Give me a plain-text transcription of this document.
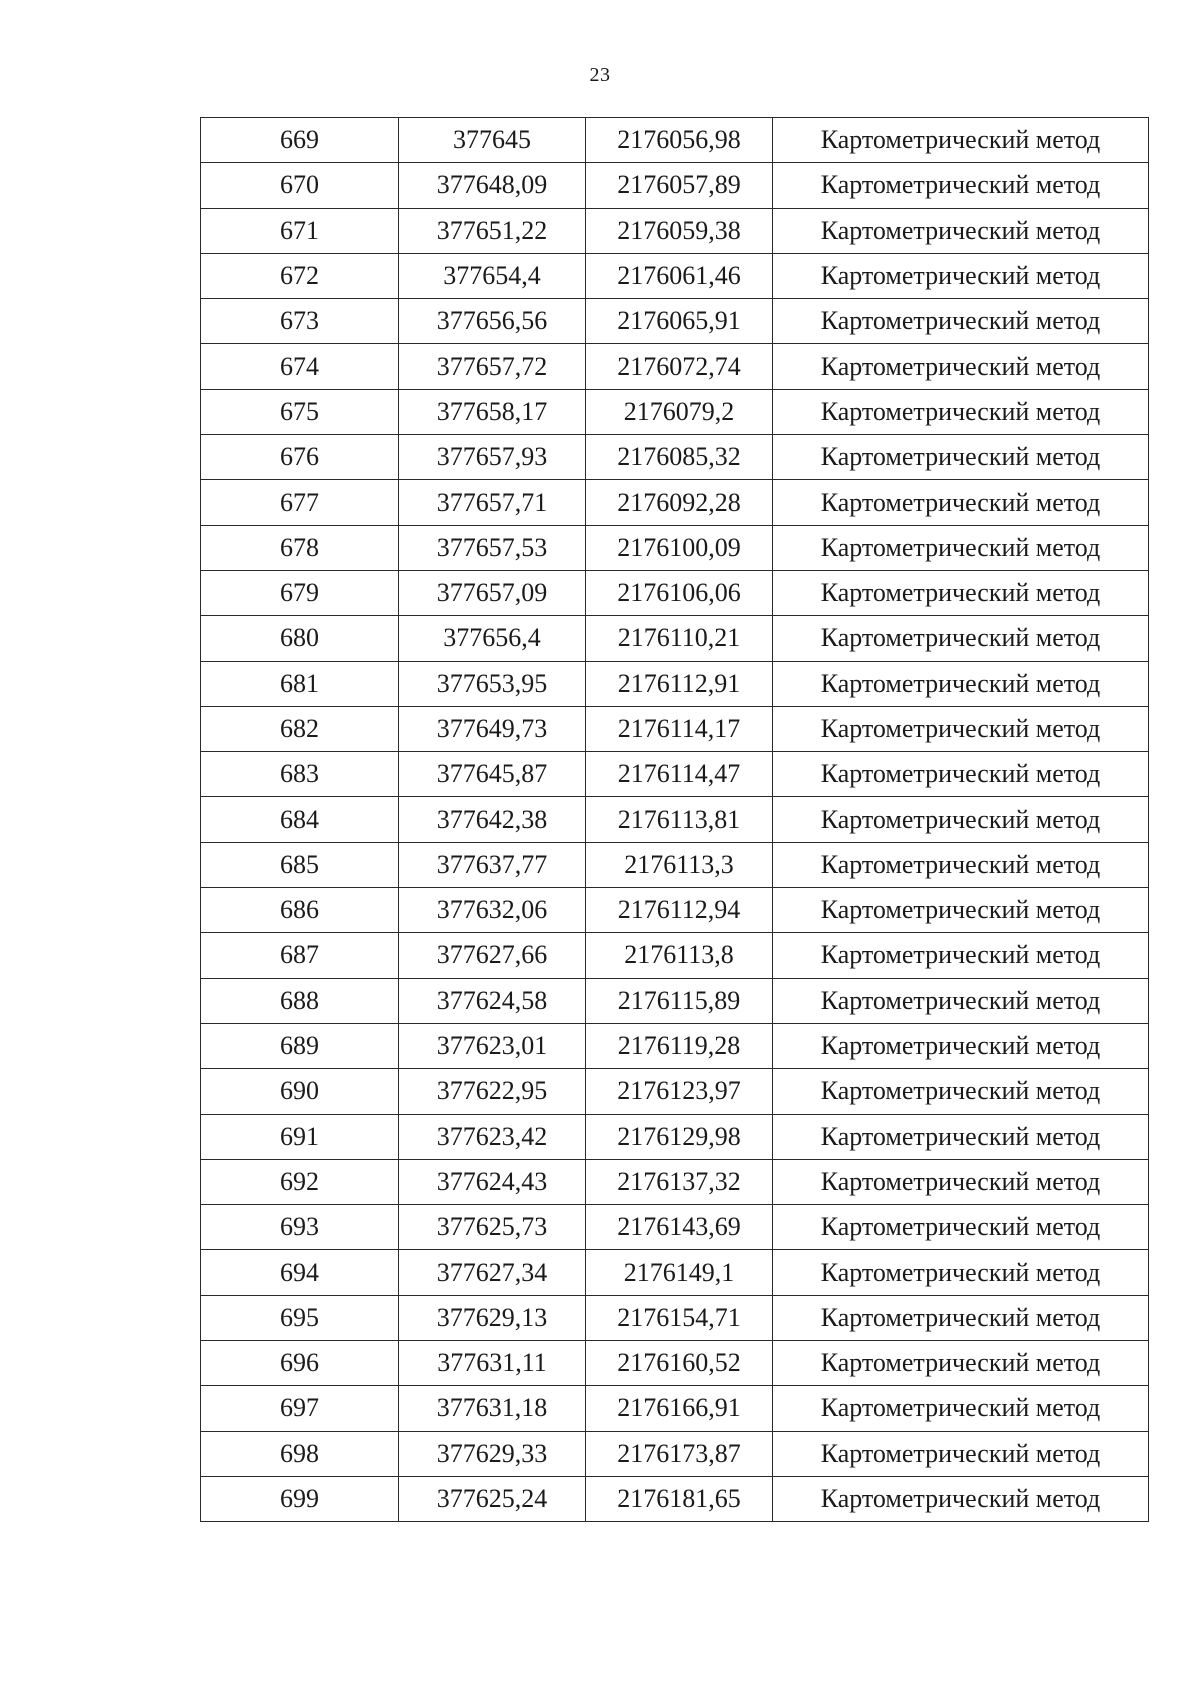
23
669	377645	2176056,98	Картометрический метод
670	377648,09	2176057,89	Картометрический метод
671	377651,22	2176059,38	Картометрический метод
672	377654,4	2176061,46	Картометрический метод
673	377656,56	2176065,91	Картометрический метод
674	377657,72	2176072,74	Картометрический метод
675	377658,17	2176079,2	Картометрический метод
676	377657,93	2176085,32	Картометрический метод
677	377657,71	2176092,28	Картометрический метод
678	377657,53	2176100,09	Картометрический метод
679	377657,09	2176106,06	Картометрический метод
680	377656,4	2176110,21	Картометрический метод
681	377653,95	2176112,91	Картометрический метод
682	377649,73	2176114,17	Картометрический метод
683	377645,87	2176114,47	Картометрический метод
684	377642,38	2176113,81	Картометрический метод
685	377637,77	2176113,3	Картометрический метод
686	377632,06	2176112,94	Картометрический метод
687	377627,66	2176113,8	Картометрический метод
688	377624,58	2176115,89	Картометрический метод
689	377623,01	2176119,28	Картометрический метод
690	377622,95	2176123,97	Картометрический метод
691	377623,42	2176129,98	Картометрический метод
692	377624,43	2176137,32	Картометрический метод
693	377625,73	2176143,69	Картометрический метод
694	377627,34	2176149,1	Картометрический метод
695	377629,13	2176154,71	Картометрический метод
696	377631,11	2176160,52	Картометрический метод
697	377631,18	2176166,91	Картометрический метод
698	377629,33	2176173,87	Картометрический метод
699	377625,24	2176181,65	Картометрический метод
